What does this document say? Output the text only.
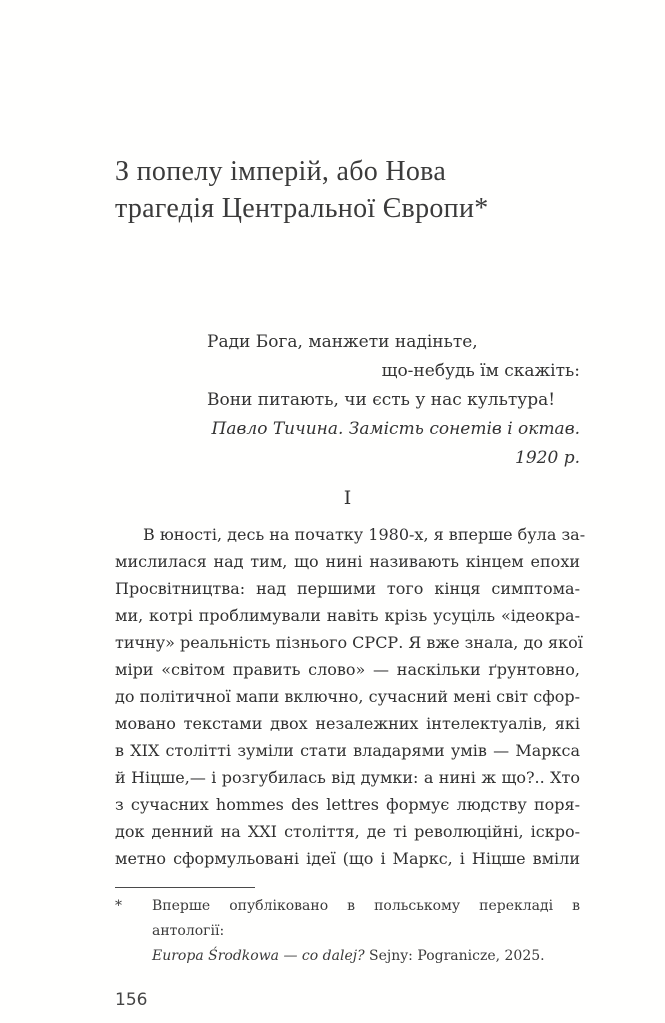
З попелу імперій, або Нова
трагедія Центральної Європи*
Ради Бога, манжети надіньте,
що-небудь їм скажіть:
Вони питають, чи єсть у нас культура!
Павло Тичина. Замість сонетів і октав.
1920 р.
I
В юності, десь на початку 1980-х, я вперше була за-
мислилася над тим, що нині називають кінцем епохи
Просвітництва: над першими того кінця симптома-
ми, котрі проблимували навіть крізь усуціль «ідеокра-
тичну» реальність пізнього СРСР. Я вже знала, до якої
міри «світом править слово» — наскільки ґрунтовно,
до політичної мапи включно, сучасний мені світ сфор-
мовано текстами двох незалежних інтелектуалів, які
в XIX столітті зуміли стати владарями умів — Маркса
й Ніцше,— і розгубилась від думки: а нині ж що?.. Хто
з сучасних hommes des lettres формує людству поря-
док денний на XXI століття, де ті революційні, іскро-
метно сформульовані ідеї (що і Маркс, і Ніцше вміли
*	Вперше опубліковано в польському перекладі в антології:
Europa Środkowa — co dalej? Sejny: Pogranicze, 2025.
156
